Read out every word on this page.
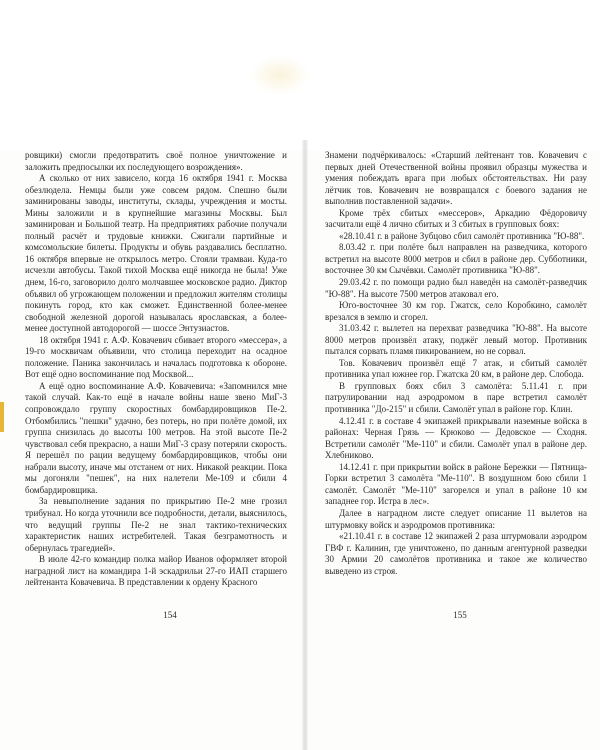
ровщики) смогли предотвратить своё полное уничтожение и заложить предпосылки их последующего возрождения».

А сколько от них зависело, когда 16 октября 1941 г. Москва обезлюдела. Немцы были уже совсем рядом. Спешно были заминированы заводы, институты, склады, учреждения и мосты. Мины заложили и в крупнейшие магазины Москвы. Был заминирован и Большой театр. На предприятиях рабочие получали полный расчёт и трудовые книжки. Сжигали партийные и комсомольские билеты. Продукты и обувь раздавались бесплатно. 16 октября впервые не открылось метро. Стояли трамваи. Куда-то исчезли автобусы. Такой тихой Москва ещё никогда не была! Уже днем, 16-го, заговорило долго молчавшее московское радио. Диктор объявил об угрожающем положении и предложил жителям столицы покинуть город, кто как сможет. Единственной более-менее свободной железной дорогой называлась ярославская, а более-менее доступной автодорогой — шоссе Энтузиастов.

18 октября 1941 г. А.Ф. Ковачевич сбивает второго «мессера», а 19-го москвичам объявили, что столица переходит на осадное положение. Паника закончилась и началась подготовка к обороне. Вот ещё одно воспоминание под Москвой...

А ещё одно воспоминание А.Ф. Ковачевича: «Запомнился мне такой случай. Как-то ещё в начале войны наше звено МиГ-3 сопровождало группу скоростных бомбардировщиков Пе-2. Отбомбились "пешки" удачно, без потерь, но при полёте домой, их группа снизилась до высоты 100 метров. На этой высоте Пе-2 чувствовал себя прекрасно, а наши МиГ-3 сразу потеряли скорость. Я перешёл по рации ведущему бомбардировщиков, чтобы они набрали высоту, иначе мы отстанем от них. Никакой реакции. Пока мы догоняли "пешек", на них налетели Ме-109 и сбили 4 бомбардировщика.

За невыполнение задания по прикрытию Пе-2 мне грозил трибунал. Но когда уточнили все подробности, детали, выяснилось, что ведущий группы Пе-2 не знал тактико-технических характеристик наших истребителей. Такая безграмотность и обернулась трагедией».

В июле 42-го командир полка майор Иванов оформляет второй наградной лист на командира 1-й эскадрильи 27-го ИАП старшего лейтенанта Ковачевича. В представлении к ордену Красного

154

Знамени подчёркивалось: «Старший лейтенант тов. Ковачевич с первых дней Отечественной войны проявил образцы мужества и умения побеждать врага при любых обстоятельствах. Ни разу лётчик тов. Ковачевич не возвращался с боевого задания не выполнив поставленной задачи».

Кроме трёх сбитых «мессеров», Аркадию Фёдоровичу засчитали ещё 4 лично сбитых и 3 сбитых в групповых боях:

«28.10.41 г. в районе Зубцово сбил самолёт противника "Ю-88".

8.03.42 г. при полёте был направлен на разведчика, которого встретил на высоте 8000 метров и сбил в районе дер. Субботники, восточнее 30 км Сычёвки. Самолёт противника "Ю-88".

29.03.42 г. по помощи радио был наведён на самолёт-разведчик "Ю-88". На высоте 7500 метров атаковал его.

Юго-восточнее 30 км гор. Гжатск, село Коробкино, самолёт врезался в землю и сгорел.

31.03.42 г. вылетел на перехват разведчика "Ю-88". На высоте 8000 метров произвёл атаку, поджёг левый мотор. Противник пытался сорвать пламя пикированием, но не сорвал.

Тов. Ковачевич произвёл ещё 7 атак, и сбитый самолёт противника упал южнее гор. Гжатска 20 км, в районе дер. Слобода.

В групповых боях сбил 3 самолёта: 5.11.41 г. при патрулировании над аэродромом в паре встретил самолёт противника "До-215" и сбили. Самолёт упал в районе гор. Клин.

4.12.41 г. в составе 4 экипажей прикрывали наземные войска в районах: Черная Грязь — Крюково — Дедовское — Сходня. Встретили самолёт "Ме-110" и сбили. Самолёт упал в районе дер. Хлебниково.

14.12.41 г. при прикрытии войск в районе Бережки — Пятница-Горки встретил 3 самолёта "Ме-110". В воздушном бою сбили 1 самолёт. Самолёт "Ме-110" загорелся и упал в районе 10 км западнее гор. Истра в лес».

Далее в наградном листе следует описание 11 вылетов на штурмовку войск и аэродромов противника:

«21.10.41 г. в составе 12 экипажей 2 раза штурмовали аэродром ГВФ г. Калинин, где уничтожено, по данным агентурной разведки 30 Армии 20 самолётов противника и такое же количество выведено из строя.

155
